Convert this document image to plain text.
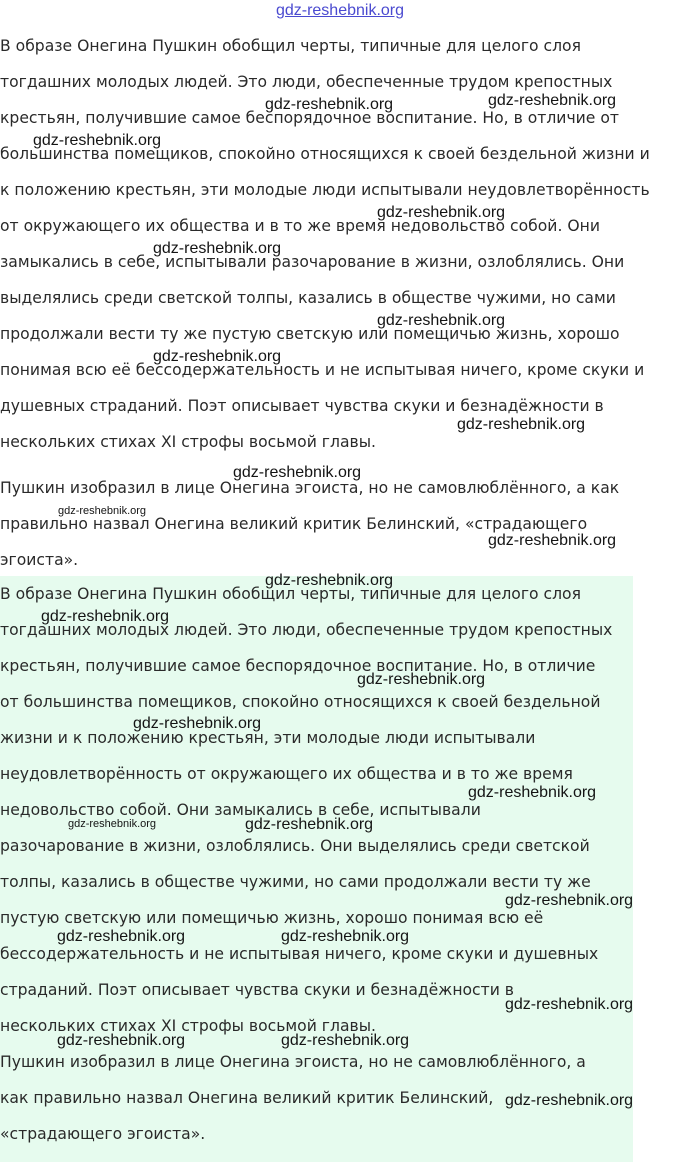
gdz-reshebnik.org
В образе Онегина Пушкин обобщил черты, типичные для целого слоя
тогдашних молодых людей. Это люди, обеспеченные трудом крепостных
крестьян, получившие самое беспорядочное воспитание. Но, в отличие от
большинства помещиков, спокойно относящихся к своей бездельной жизни и
к положению крестьян, эти молодые люди испытывали неудовлетворённость
от окружающего их общества и в то же время недовольство собой. Они
замыкались в себе, испытывали разочарование в жизни, озлоблялись. Они
выделялись среди светской толпы, казались в обществе чужими, но сами
продолжали вести ту же пустую светскую или помещичью жизнь, хорошо
понимая всю её бессодержательность и не испытывая ничего, кроме скуки и
душевных страданий. Поэт описывает чувства скуки и безнадёжности в
нескольких стихах XI строфы восьмой главы.
Пушкин изобразил в лице Онегина эгоиста, но не самовлюблённого, а как
правильно назвал Онегина великий критик Белинский, «страдающего
эгоиста».
В образе Онегина Пушкин обобщил черты, типичные для целого слоя
тогдашних молодых людей. Это люди, обеспеченные трудом крепостных
крестьян, получившие самое беспорядочное воспитание. Но, в отличие
от большинства помещиков, спокойно относящихся к своей бездельной
жизни и к положению крестьян, эти молодые люди испытывали
неудовлетворённость от окружающего их общества и в то же время
недовольство собой. Они замыкались в себе, испытывали
разочарование в жизни, озлоблялись. Они выделялись среди светской
толпы, казались в обществе чужими, но сами продолжали вести ту же
пустую светскую или помещичью жизнь, хорошо понимая всю её
бессодержательность и не испытывая ничего, кроме скуки и душевных
страданий. Поэт описывает чувства скуки и безнадёжности в
нескольких стихах XI строфы восьмой главы.
Пушкин изобразил в лице Онегина эгоиста, но не самовлюблённого, а
как правильно назвал Онегина великий критик Белинский,
«страдающего эгоиста».
gdz-reshebnik.org	gdz-reshebnik.org
gdz-reshebnik.org
gdz-reshebnik.org
gdz-reshebnik.org
gdz-reshebnik.org
gdz-reshebnik.org
gdz-reshebnik.org
gdz-reshebnik.org
gdz-reshebnik.org
gdz-reshebnik.org
gdz-reshebnik.org
gdz-reshebnik.org
gdz-reshebnik.org
gdz-reshebnik.org
gdz-reshebnik.org
gdz-reshebnik.org	gdz-reshebnik.org
gdz-reshebnik.org
gdz-reshebnik.org	gdz-reshebnik.org
gdz-reshebnik.org
gdz-reshebnik.org	gdz-reshebnik.org
gdz-reshebnik.org
